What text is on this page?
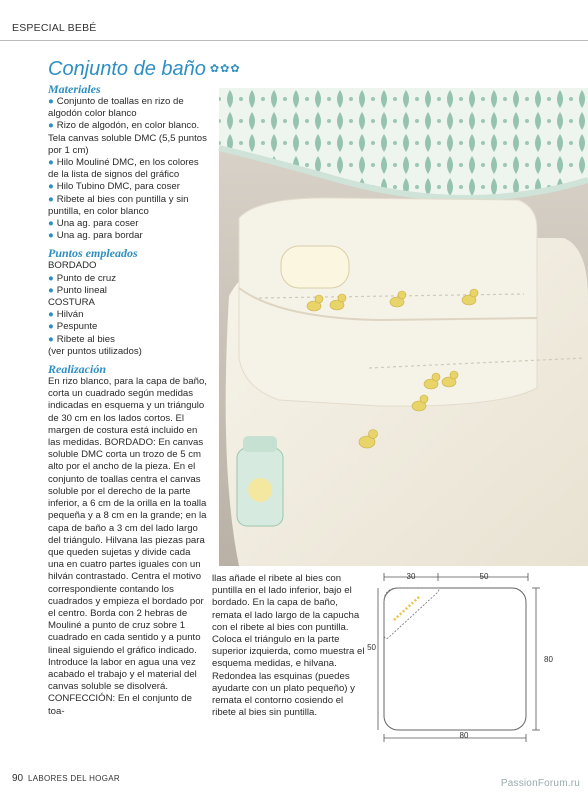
ESPECIAL BEBÉ
Conjunto de baño ✿✿✿

Materiales

● Conjunto de toallas en rizo de algodón color blanco

● Rizo de algodón, en color blanco. Tela canvas soluble DMC (5,5 puntos por 1 cm)

● Hilo Mouliné DMC, en los colores de la lista de signos del gráfico

● Hilo Tubino DMC, para coser

● Ribete al bies con puntilla y sin puntilla, en color blanco

● Una ag. para coser

● Una ag. para bordar

Puntos empleados

BORDADO

● Punto de cruz

● Punto lineal

COSTURA

● Hilván

● Pespunte

● Ribete al bies

(ver puntos utilizados)

Realización

En rizo blanco, para la capa de baño, corta un cuadrado según medidas indicadas en esquema y un triángulo de 30 cm en los lados cortos. El margen de costura está incluido en las medidas. BORDADO: En canvas soluble DMC corta un trozo de 5 cm alto por el ancho de la pieza. En el conjunto de toallas centra el canvas soluble por el derecho de la parte inferior, a 6 cm de la orilla en la toalla pequeña y a 8 cm en la grande; en la capa de baño a 3 cm del lado largo del triángulo. Hilvana las piezas para que queden sujetas y divide cada una en cuatro partes iguales con un hilván contrastado. Centra el motivo correspondiente contando los cuadrados y empieza el bordado por el centro. Borda con 2 hebras de Mouliné a punto de cruz sobre 1 cuadrado en cada sentido y a punto lineal siguiendo el gráfico indicado. Introduce la labor en agua una vez acabado el trabajo y el material del canvas soluble se disolverá. CONFECCIÓN: En el conjunto de toa-

llas añade el ribete al bies con puntilla en el lado inferior, bajo el bordado. En la capa de baño, remata el lado largo de la capucha con el ribete al bies con puntilla. Coloca el triángulo en la parte superior izquierda, como muestra el esquema medidas, e hilvana. Redondea las esquinas (puedes ayudarte con un plato pequeño) y remata el contorno cosiendo el ribete al bies sin puntilla.

30	50
50
80
80
90 LABORES DEL HOGAR	PassionForum.ru
